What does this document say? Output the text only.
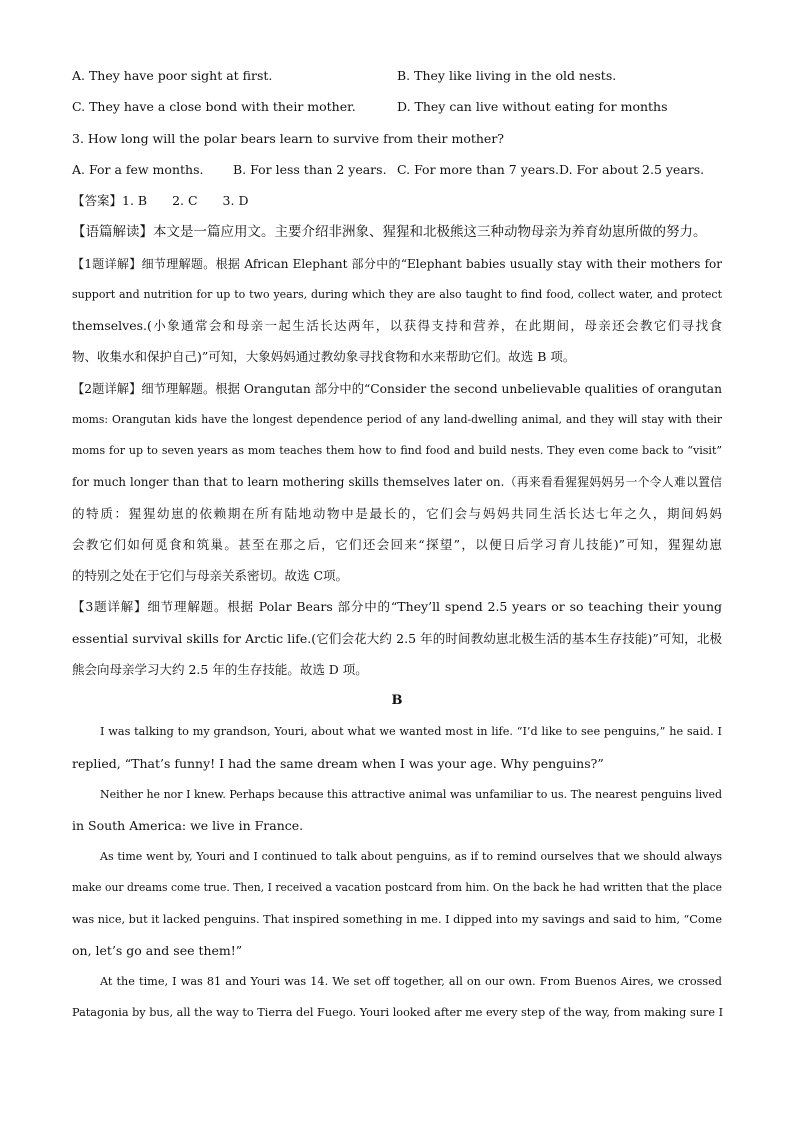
A. They have poor sight at first.	B. They like living in the old nests.
C. They have a close bond with their mother.	D. They can live without eating for months
3. How long will the polar bears learn to survive from their mother?
A. For a few months. B. For less than 2 years. C. For more than 7 years. D. For about 2.5 years.
【答案】1. B　　2. C　　3. D
【语篇解读】本文是一篇应用文。主要介绍非洲象、猩猩和北极熊这三种动物母亲为养育幼崽所做的努力。
【1题详解】细节理解题。根据 African Elephant 部分中的“Elephant babies usually stay with their mothers for
support and nutrition for up to two years, during which they are also taught to find food, collect water, and protect
themselves.(小象通常会和母亲一起生活长达两年，以获得支持和营养，在此期间，母亲还会教它们寻找食
物、收集水和保护自己)”可知，大象妈妈通过教幼象寻找食物和水来帮助它们。故选 B 项。
【2题详解】细节理解题。根据 Orangutan 部分中的“Consider the second unbelievable qualities of orangutan
moms: Orangutan kids have the longest dependence period of any land-dwelling animal, and they will stay with their
moms for up to seven years as mom teaches them how to find food and build nests. They even come back to “visit”
for much longer than that to learn mothering skills themselves later on.（再来看看猩猩妈妈另一个令人难以置信
的特质：猩猩幼崽的依赖期在所有陆地动物中是最长的，它们会与妈妈共同生活长达七年之久，期间妈妈
会教它们如何觅食和筑巢。甚至在那之后，它们还会回来“探望”，以便日后学习育儿技能)”可知，猩猩幼崽
的特别之处在于它们与母亲关系密切。故选 C项。
【3题详解】细节理解题。根据 Polar Bears 部分中的“They’ll spend 2.5 years or so teaching their young
essential survival skills for Arctic life.(它们会花大约 2.5 年的时间教幼崽北极生活的基本生存技能)”可知，北极
熊会向母亲学习大约 2.5 年的生存技能。故选 D 项。
B
I was talking to my grandson, Youri, about what we wanted most in life. “I’d like to see penguins,” he said. I
replied, “That’s funny! I had the same dream when I was your age. Why penguins?”
Neither he nor I knew. Perhaps because this attractive animal was unfamiliar to us. The nearest penguins lived
in South America: we live in France.
As time went by, Youri and I continued to talk about penguins, as if to remind ourselves that we should always
make our dreams come true. Then, I received a vacation postcard from him. On the back he had written that the place
was nice, but it lacked penguins. That inspired something in me. I dipped into my savings and said to him, “Come
on, let’s go and see them!”
At the time, I was 81 and Youri was 14. We set off together, all on our own. From Buenos Aires, we crossed
Patagonia by bus, all the way to Tierra del Fuego. Youri looked after me every step of the way, from making sure I
